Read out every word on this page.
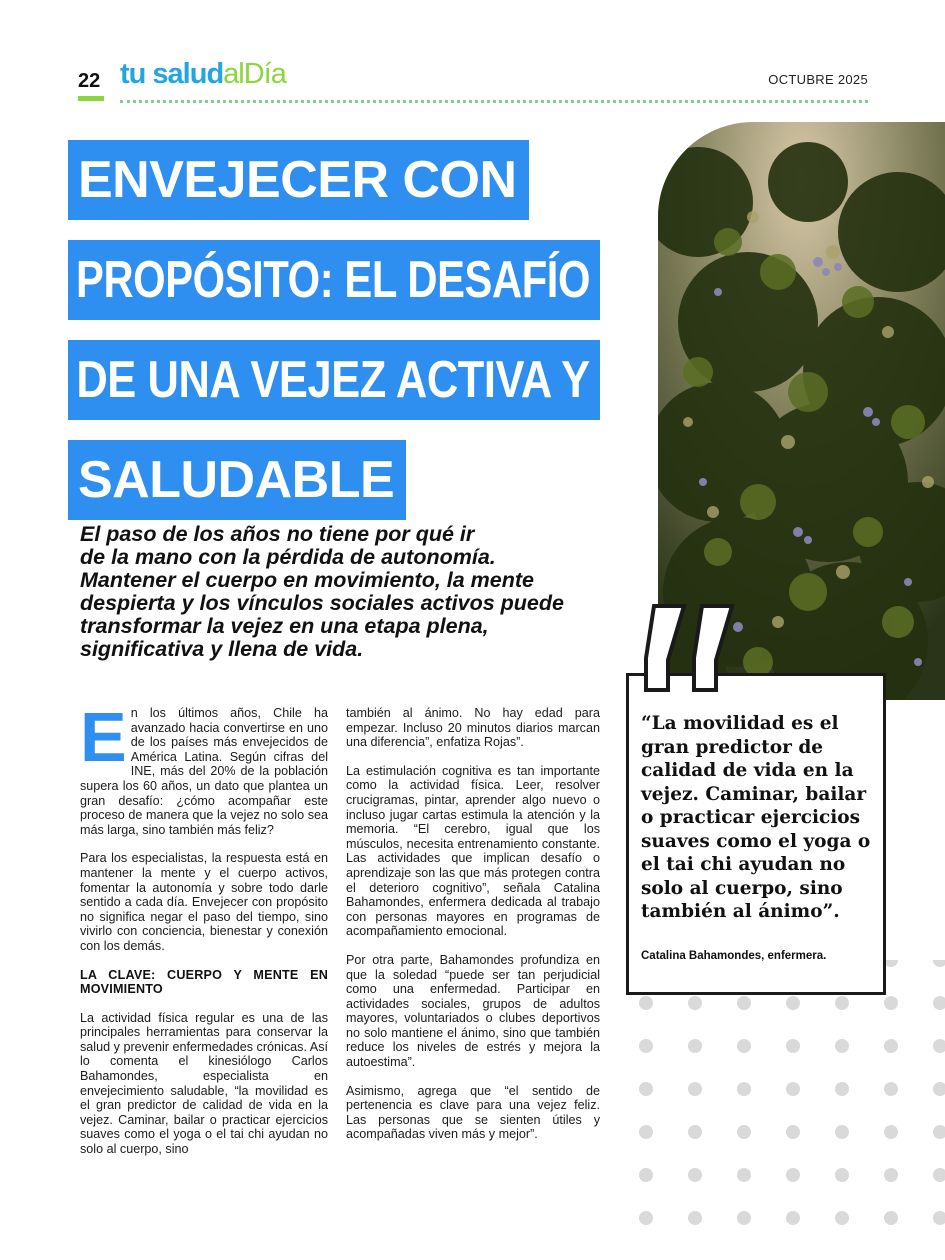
22 tu saludalDía	OCTUBRE 2025
ENVEJECER CON
PROPÓSITO: EL DESAFÍO
DE UNA VEJEZ ACTIVA Y
SALUDABLE

El paso de los años no tiene por qué ir
de la mano con la pérdida de autonomía.
Mantener el cuerpo en movimiento, la mente
despierta y los vínculos sociales activos puede
transformar la vejez en una etapa plena,
significativa y llena de vida.

En los últimos años, Chile ha avanzado hacia convertirse en uno de los países más envejecidos de América Latina. Según cifras del INE, más del 20% de la población supera los 60 años, un dato que plantea un gran desafío: ¿cómo acompañar este proceso de manera que la vejez no solo sea más larga, sino también más feliz?

Para los especialistas, la respuesta está en mantener la mente y el cuerpo activos, fomentar la autonomía y sobre todo darle sentido a cada día. Envejecer con propósito no significa negar el paso del tiempo, sino vivirlo con conciencia, bienestar y conexión con los demás.

LA CLAVE: CUERPO Y MENTE EN MOVIMIENTO

La actividad física regular es una de las principales herramientas para conservar la salud y prevenir enfermedades crónicas. Así lo comenta el kinesiólogo Carlos Bahamondes, especialista en envejecimiento saludable, “la movilidad es el gran predictor de calidad de vida en la vejez. Caminar, bailar o practicar ejercicios suaves como el yoga o el tai chi ayudan no solo al cuerpo, sino

también al ánimo. No hay edad para empezar. Incluso 20 minutos diarios marcan una diferencia”, enfatiza Rojas”.

La estimulación cognitiva es tan importante como la actividad física. Leer, resolver crucigramas, pintar, aprender algo nuevo o incluso jugar cartas estimula la atención y la memoria. “El cerebro, igual que los músculos, necesita entrenamiento constante. Las actividades que implican desafío o aprendizaje son las que más protegen contra el deterioro cognitivo”, señala Catalina Bahamondes, enfermera dedicada al trabajo con personas mayores en programas de acompañamiento emocional.

Por otra parte, Bahamondes profundiza en que la soledad “puede ser tan perjudicial como una enfermedad. Participar en actividades sociales, grupos de adultos mayores, voluntariados o clubes deportivos no solo mantiene el ánimo, sino que también reduce los niveles de estrés y mejora la autoestima”.

Asimismo, agrega que “el sentido de pertenencia es clave para una vejez feliz. Las personas que se sienten útiles y acompañadas viven más y mejor”.

“La movilidad es el gran predictor de calidad de vida en la vejez. Caminar, bailar o practicar ejercicios suaves como el yoga o el tai chi ayudan no solo al cuerpo, sino también al ánimo”.

Catalina Bahamondes, enfermera.
